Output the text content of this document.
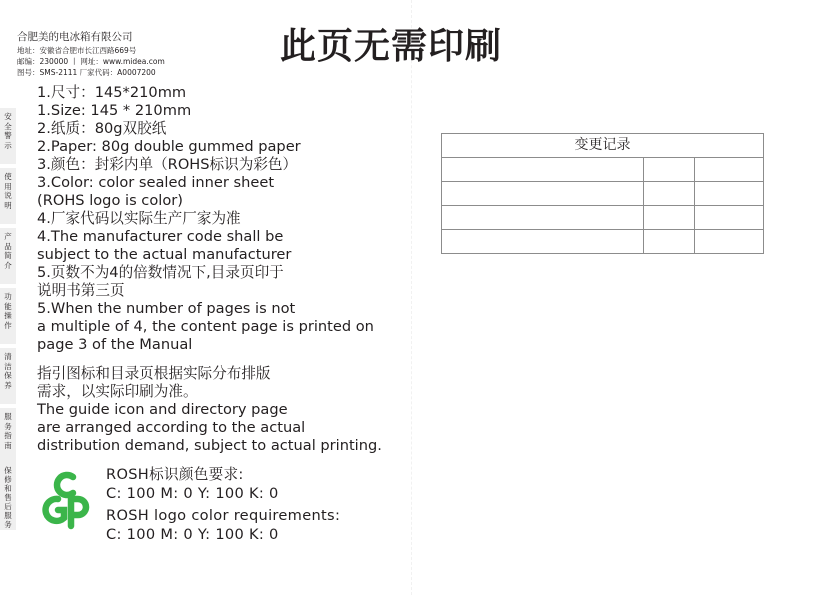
合肥美的电冰箱有限公司
地址：安徽省合肥市长江西路669号
邮编：230000 丨 网址：www.midea.com
图号：SMS-2111 厂家代码：A0007200
此页无需印刷
安
全
警
示
使
用
说
明
产
品
简
介
功
能
操
作
清
洁
保
养
服
务
指
南
保
修
和
售
后
服
务
1.尺寸：145*210mm
1.Size: 145 * 210mm
2.纸质：80g双胶纸
2.Paper: 80g double gummed paper
3.颜色：封彩内单（ROHS标识为彩色）
3.Color: color sealed inner sheet
(ROHS logo is color)
4.厂家代码以实际生产厂家为准
4.The manufacturer code shall be
subject to the actual manufacturer
5.页数不为4的倍数情况下,目录页印于
说明书第三页
5.When the number of pages is not
a multiple of 4, the content page is printed on
page 3 of the Manual
指引图标和目录页根据实际分布排版
需求，以实际印刷为准。
The guide icon and directory page
are arranged according to the actual
distribution demand, subject to actual printing.
ROSH标识颜色要求:
C: 100 M: 0 Y: 100 K: 0
ROSH logo color requirements:
C: 100 M: 0 Y: 100 K: 0
变更记录		
